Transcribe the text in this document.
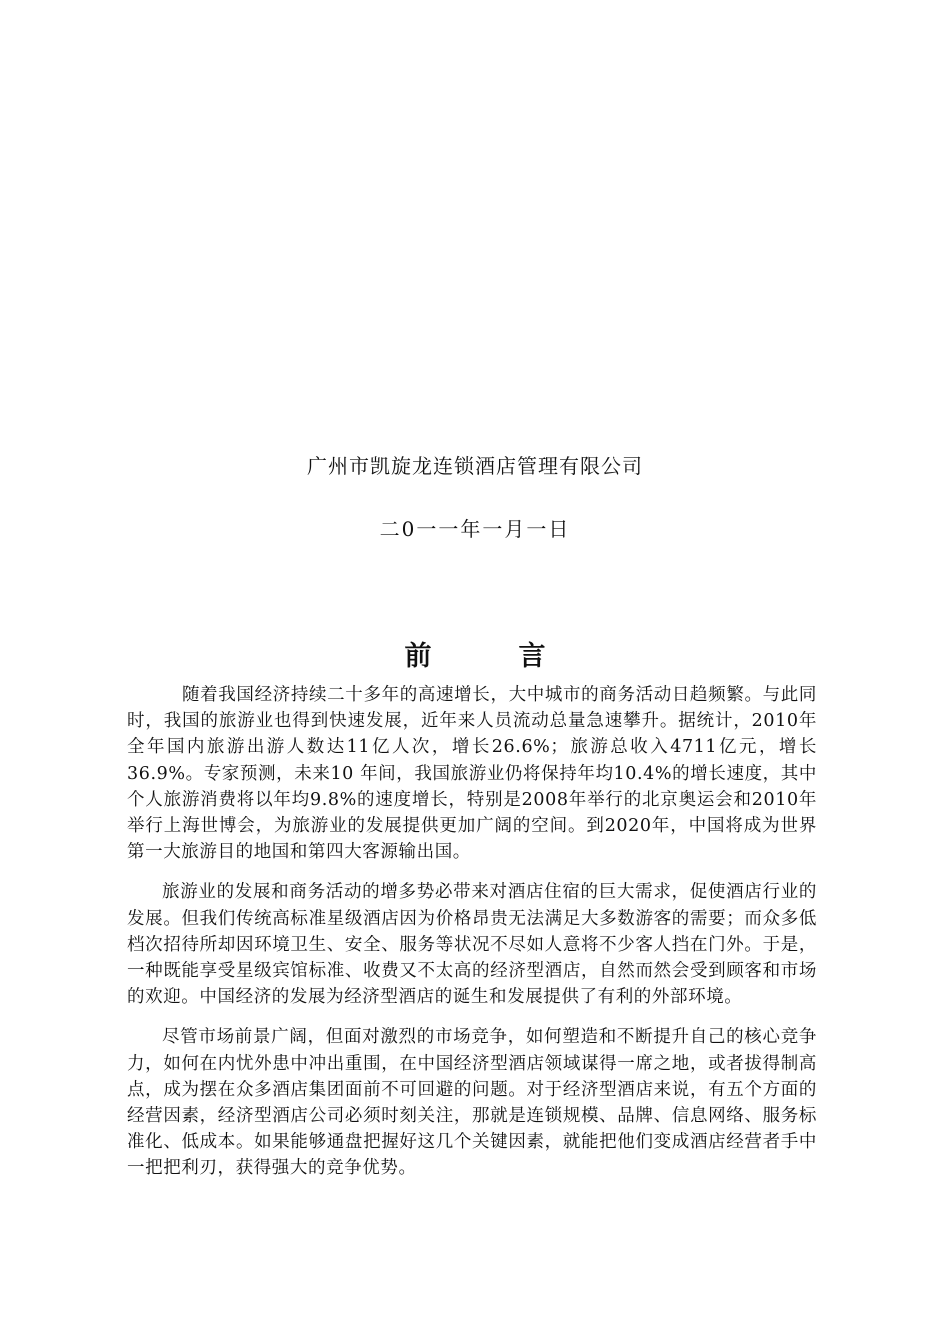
广州市凯旋龙连锁酒店管理有限公司
二0一一年一月一日
前　言

随着我国经济持续二十多年的高速增长，大中城市的商务活动日趋频繁。与此同时，我国的旅游业也得到快速发展，近年来人员流动总量急速攀升。据统计，2010年全年国内旅游出游人数达11亿人次，增长26.6%；旅游总收入4711亿元，增长36.9%。专家预测，未来10 年间，我国旅游业仍将保持年均10.4%的增长速度，其中个人旅游消费将以年均9.8%的速度增长，特别是2008年举行的北京奥运会和2010年举行上海世博会，为旅游业的发展提供更加广阔的空间。到2020年，中国将成为世界第一大旅游目的地国和第四大客源输出国。

旅游业的发展和商务活动的增多势必带来对酒店住宿的巨大需求，促使酒店行业的发展。但我们传统高标准星级酒店因为价格昂贵无法满足大多数游客的需要；而众多低档次招待所却因环境卫生、安全、服务等状况不尽如人意将不少客人挡在门外。于是，一种既能享受星级宾馆标准、收费又不太高的经济型酒店，自然而然会受到顾客和市场的欢迎。中国经济的发展为经济型酒店的诞生和发展提供了有利的外部环境。

尽管市场前景广阔，但面对激烈的市场竞争，如何塑造和不断提升自己的核心竞争力，如何在内忧外患中冲出重围，在中国经济型酒店领域谋得一席之地，或者拔得制高点，成为摆在众多酒店集团面前不可回避的问题。对于经济型酒店来说，有五个方面的经营因素，经济型酒店公司必须时刻关注，那就是连锁规模、品牌、信息网络、服务标准化、低成本。如果能够通盘把握好这几个关键因素，就能把他们变成酒店经营者手中一把把利刃，获得强大的竞争优势。
